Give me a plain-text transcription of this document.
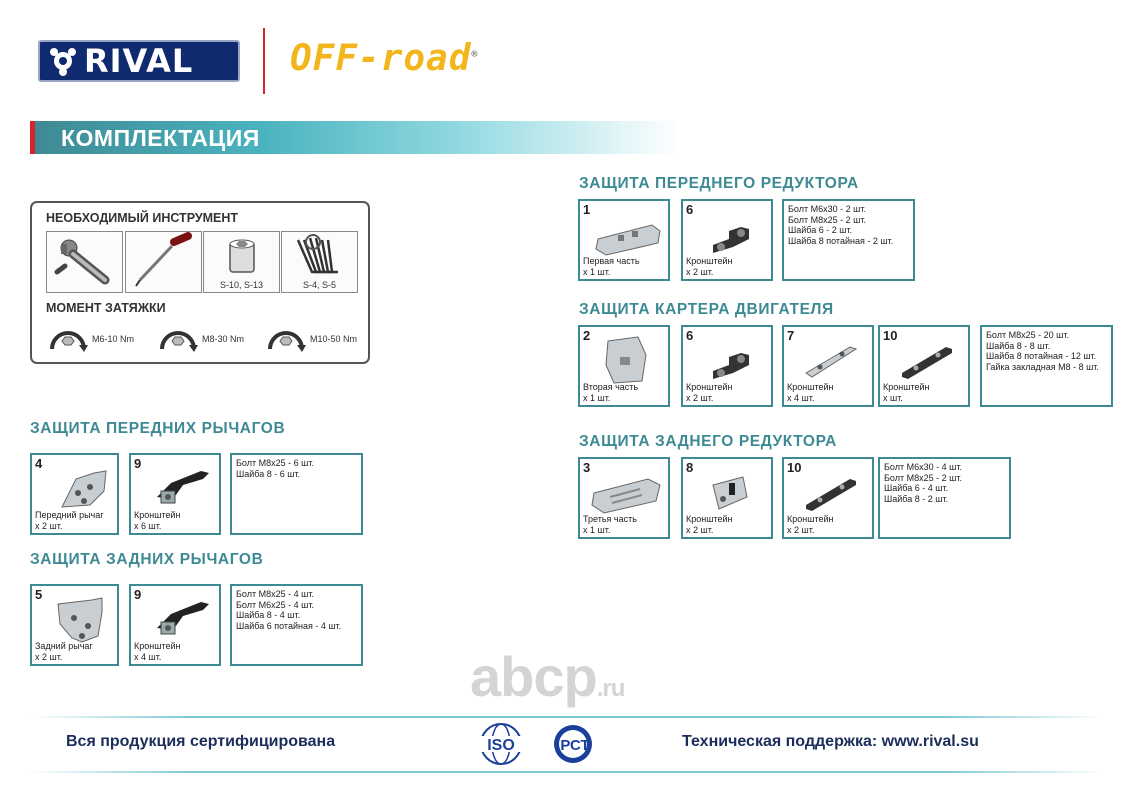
RIVAL	OFF-road®
КОМПЛЕКТАЦИЯ
НЕОБХОДИМЫЙ ИНСТРУМЕНТ
S-10, S-13	S-4, S-5
МОМЕНТ ЗАТЯЖКИ
M6-10 Nm	M8-30 Nm	M10-50 Nm
ЗАЩИТА ПЕРЕДНИХ РЫЧАГОВ
4
Передний рычаг
х 2 шт.
9
Кронштейн
х 6 шт.
Болт М8х25 - 6 шт.
Шайба 8 - 6 шт.
ЗАЩИТА ЗАДНИХ РЫЧАГОВ
5
Задний рычаг
х 2 шт.
9
Кронштейн
х 4 шт.
Болт М8х25 - 4 шт.
Болт М6х25 - 4 шт.
Шайба 8 - 4 шт.
Шайба 6 потайная - 4 шт.
ЗАЩИТА ПЕРЕДНЕГО РЕДУКТОРА
1
Первая часть
х 1 шт.
6
Кронштейн
х 2 шт.
Болт М6х30 - 2 шт.
Болт М8х25 - 2 шт.
Шайба 6 - 2 шт.
Шайба 8 потайная - 2 шт.
ЗАЩИТА КАРТЕРА ДВИГАТЕЛЯ
2
Вторая часть
х 1 шт.
6
Кронштейн
х 2 шт.
7
Кронштейн
х 4 шт.
10
Кронштейн
х шт.
Болт М8х25 - 20 шт.
Шайба 8 - 8 шт.
Шайба 8 потайная - 12 шт.
Гайка закладная М8 - 8 шт.
ЗАЩИТА ЗАДНЕГО РЕДУКТОРА
3
Третья часть
х 1 шт.
8
Кронштейн
х 2 шт.
10
Кронштейн
х 2 шт.
Болт М6х30 - 4 шт.
Болт М8х25 - 2 шт.
Шайба 6 - 4 шт.
Шайба 8 - 2 шт.
abcp.ru
Вся продукция сертифицирована	ISO	РСТ	Техническая поддержка: www.rival.su
